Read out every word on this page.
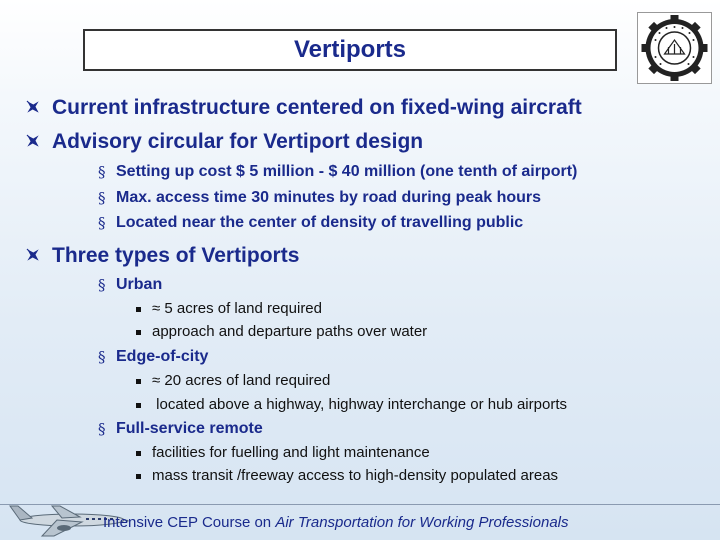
Vertiports
Current infrastructure centered on fixed-wing aircraft
Advisory circular for Vertiport design
§ Setting up cost $ 5 million - $ 40 million (one tenth of airport)
§ Max. access time 30 minutes by road during peak hours
§ Located near the center of density of travelling public
Three types of Vertiports
§ Urban
≈ 5 acres of land required
approach and departure paths over water
§ Edge-of-city
≈ 20 acres of land required
located above a highway, highway interchange or hub airports
§ Full-service remote
facilities for fuelling and light maintenance
mass transit /freeway access to high-density populated areas
Intensive CEP Course on Air Transportation for Working Professionals
